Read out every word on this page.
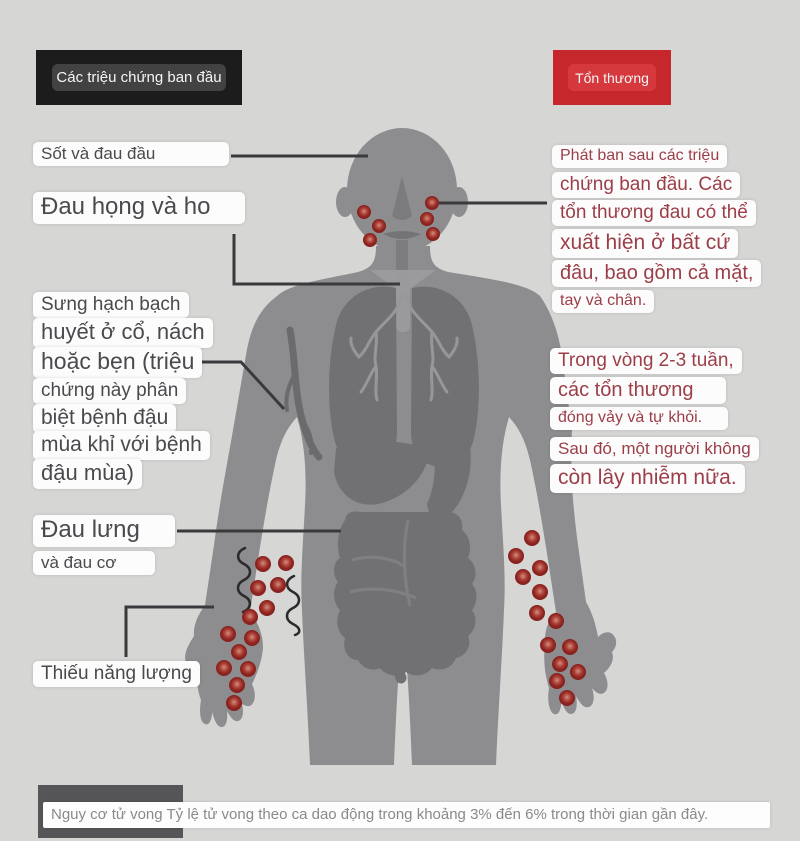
Các triệu chứng ban đầu	Tổn thương
Sốt và đau đầu
Đau họng và ho
Sưng hạch bạch
huyết ở cổ, nách
hoặc bẹn (triệu
chứng này phân
biệt bệnh đậu
mùa khỉ với bệnh
đậu mùa)
Đau lưng
và đau cơ
Thiếu năng lượng
Phát ban sau các triệu
chứng ban đầu. Các
tổn thương đau có thể
xuất hiện ở bất cứ
đâu, bao gồm cả mặt,
tay và chân.
Trong vòng 2-3 tuần,
các tổn thương
đóng vảy và tự khỏi.
Sau đó, một người không
còn lây nhiễm nữa.
Nguy cơ tử vong Tỷ lệ tử vong theo ca dao động trong khoảng 3% đến 6% trong thời gian gần đây.
